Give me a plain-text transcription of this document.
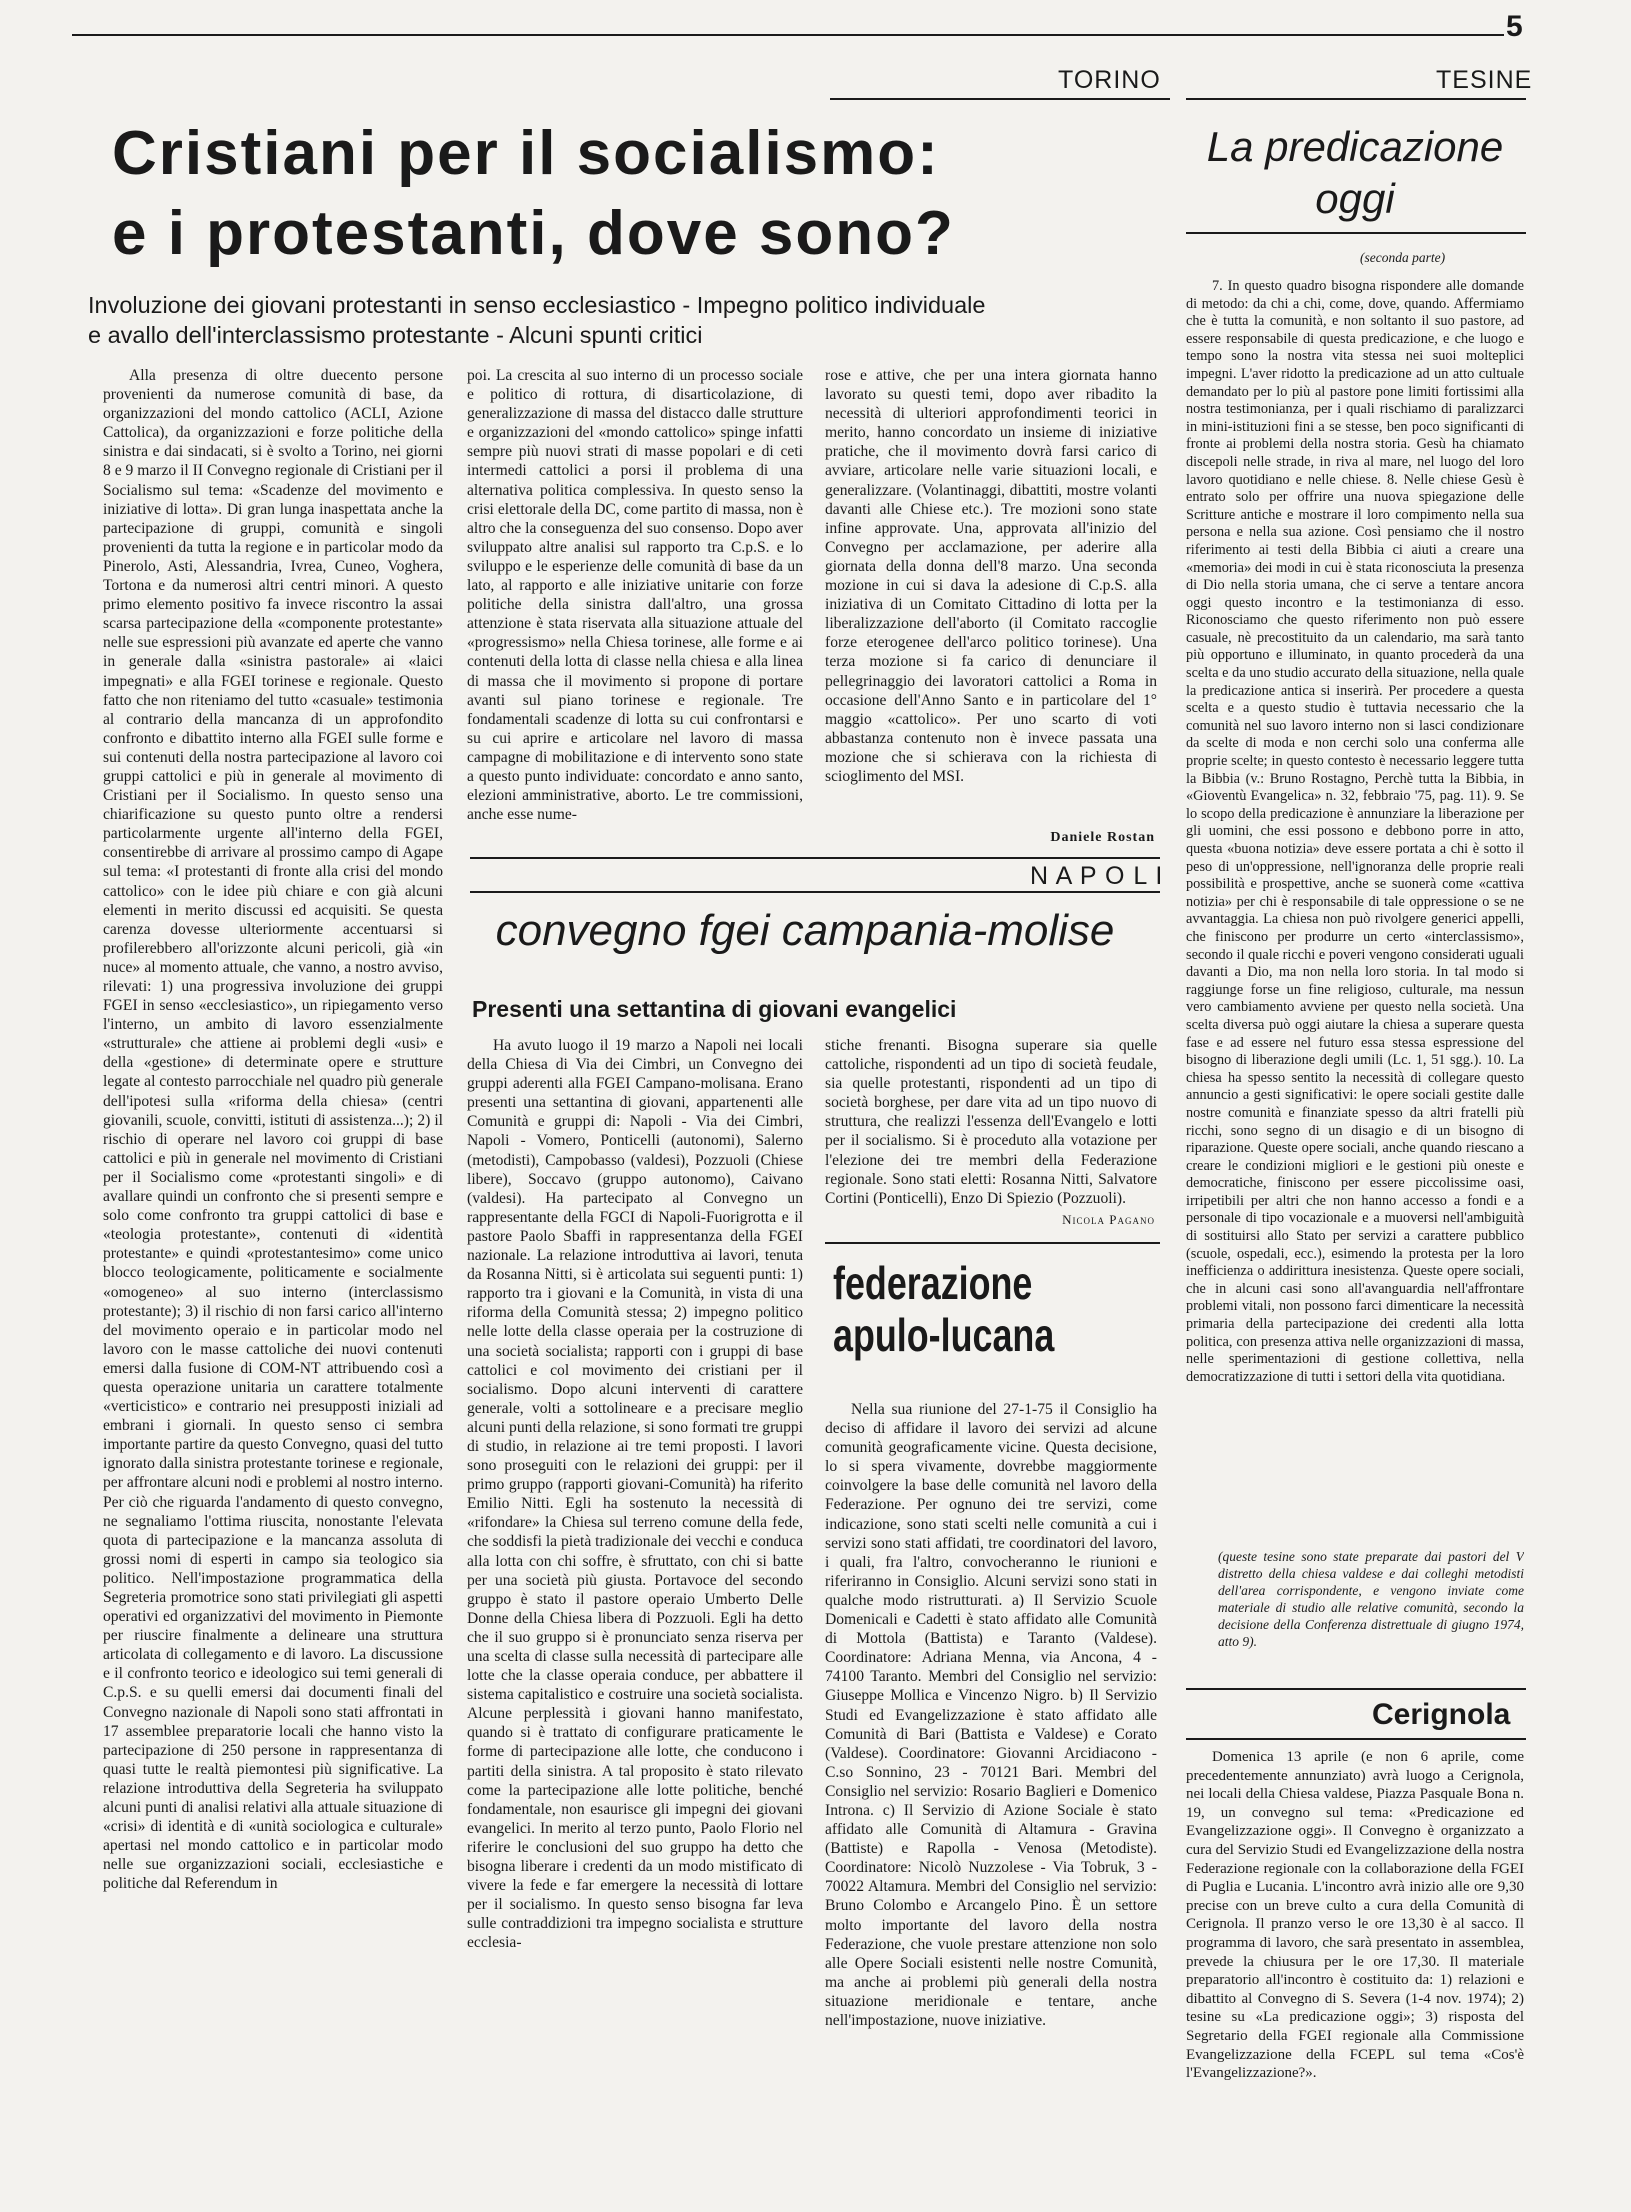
5
TORINO	TESINE
Cristiani per il socialismo:
e i protestanti, dove sono?
Involuzione dei giovani protestanti in senso ecclesiastico - Impegno politico individuale
e avallo dell'interclassismo protestante - Alcuni spunti critici

Alla presenza di oltre duecento persone provenienti da numerose comunità di base, da organizzazioni del mondo cattolico (ACLI, Azione Cattolica), da organizzazioni e forze politiche della sinistra e dai sindacati, si è svolto a Torino, nei giorni 8 e 9 marzo il II Convegno regionale di Cristiani per il Socialismo sul tema: «Scadenze del movimento e iniziative di lotta». Di gran lunga inaspettata anche la partecipazione di gruppi, comunità e singoli provenienti da tutta la regione e in particolar modo da Pinerolo, Asti, Alessandria, Ivrea, Cuneo, Voghera, Tortona e da numerosi altri centri minori. A questo primo elemento positivo fa invece riscontro la assai scarsa partecipazione della «componente protestante» nelle sue espressioni più avanzate ed aperte che vanno in generale dalla «sinistra pastorale» ai «laici impegnati» e alla FGEI torinese e regionale. Questo fatto che non riteniamo del tutto «casuale» testimonia al contrario della mancanza di un approfondito confronto e dibattito interno alla FGEI sulle forme e sui contenuti della nostra partecipazione al lavoro coi gruppi cattolici e più in generale al movimento di Cristiani per il Socialismo. In questo senso una chiarificazione su questo punto oltre a rendersi particolarmente urgente all'interno della FGEI, consentirebbe di arrivare al prossimo campo di Agape sul tema: «I protestanti di fronte alla crisi del mondo cattolico» con le idee più chiare e con già alcuni elementi in merito discussi ed acquisiti. Se questa carenza dovesse ulteriormente accentuarsi si profilerebbero all'orizzonte alcuni pericoli, già «in nuce» al momento attuale, che vanno, a nostro avviso, rilevati: 1) una progressiva involuzione dei gruppi FGEI in senso «ecclesiastico», un ripiegamento verso l'interno, un ambito di lavoro essenzialmente «strutturale» che attiene ai problemi degli «usi» e della «gestione» di determinate opere e strutture legate al contesto parrocchiale nel quadro più generale dell'ipotesi sulla «riforma della chiesa» (centri giovanili, scuole, convitti, istituti di assistenza...); 2) il rischio di operare nel lavoro coi gruppi di base cattolici e più in generale nel movimento di Cristiani per il Socialismo come «protestanti singoli» e di avallare quindi un confronto che si presenti sempre e solo come confronto tra gruppi cattolici di base e «teologia protestante», contenuti di «identità protestante» e quindi «protestantesimo» come unico blocco teologicamente, politicamente e socialmente «omogeneo» al suo interno (interclassismo protestante); 3) il rischio di non farsi carico all'interno del movimento operaio e in particolar modo nel lavoro con le masse cattoliche dei nuovi contenuti emersi dalla fusione di COM-NT attribuendo così a questa operazione unitaria un carattere totalmente «verticistico» e contrario nei presupposti iniziali ad embrani i giornali. In questo senso ci sembra importante partire da questo Convegno, quasi del tutto ignorato dalla sinistra protestante torinese e regionale, per affrontare alcuni nodi e problemi al nostro interno. Per ciò che riguarda l'andamento di questo convegno, ne segnaliamo l'ottima riuscita, nonostante l'elevata quota di partecipazione e la mancanza assoluta di grossi nomi di esperti in campo sia teologico sia politico. Nell'impostazione programmatica della Segreteria promotrice sono stati privilegiati gli aspetti operativi ed organizzativi del movimento in Piemonte per riuscire finalmente a delineare una struttura articolata di collegamento e di lavoro. La discussione e il confronto teorico e ideologico sui temi generali di C.p.S. e su quelli emersi dai documenti finali del Convegno nazionale di Napoli sono stati affrontati in 17 assemblee preparatorie locali che hanno visto la partecipazione di 250 persone in rappresentanza di quasi tutte le realtà piemontesi più significative. La relazione introduttiva della Segreteria ha sviluppato alcuni punti di analisi relativi alla attuale situazione di «crisi» di identità e di «unità sociologica e culturale» apertasi nel mondo cattolico e in particolar modo nelle sue organizzazioni sociali, ecclesiastiche e politiche dal Referendum in

poi. La crescita al suo interno di un processo sociale e politico di rottura, di disarticolazione, di generalizzazione di massa del distacco dalle strutture e organizzazioni del «mondo cattolico» spinge infatti sempre più nuovi strati di masse popolari e di ceti intermedi cattolici a porsi il problema di una alternativa politica complessiva. In questo senso la crisi elettorale della DC, come partito di massa, non è altro che la conseguenza del suo consenso. Dopo aver sviluppato altre analisi sul rapporto tra C.p.S. e lo sviluppo e le esperienze delle comunità di base da un lato, al rapporto e alle iniziative unitarie con forze politiche della sinistra dall'altro, una grossa attenzione è stata riservata alla situazione attuale del «progressismo» nella Chiesa torinese, alle forme e ai contenuti della lotta di classe nella chiesa e alla linea di massa che il movimento si propone di portare avanti sul piano torinese e regionale. Tre fondamentali scadenze di lotta su cui confrontarsi e su cui aprire e articolare nel lavoro di massa campagne di mobilitazione e di intervento sono state a questo punto individuate: concordato e anno santo, elezioni amministrative, aborto. Le tre commissioni, anche esse nume-

rose e attive, che per una intera giornata hanno lavorato su questi temi, dopo aver ribadito la necessità di ulteriori approfondimenti teorici in merito, hanno concordato un insieme di iniziative pratiche, che il movimento dovrà farsi carico di avviare, articolare nelle varie situazioni locali, e generalizzare. (Volantinaggi, dibattiti, mostre volanti davanti alle Chiese etc.). Tre mozioni sono state infine approvate. Una, approvata all'inizio del Convegno per acclamazione, per aderire alla giornata della donna dell'8 marzo. Una seconda mozione in cui si dava la adesione di C.p.S. alla iniziativa di un Comitato Cittadino di lotta per la liberalizzazione dell'aborto (il Comitato raccoglie forze eterogenee dell'arco politico torinese). Una terza mozione si fa carico di denunciare il pellegrinaggio dei lavoratori cattolici a Roma in occasione dell'Anno Santo e in particolare del 1° maggio «cattolico». Per uno scarto di voti abbastanza contenuto non è invece passata una mozione che si schierava con la richiesta di scioglimento del MSI.

Daniele Rostan
N A P O L I
convegno fgei campania-molise
Presenti una settantina di giovani evangelici

Ha avuto luogo il 19 marzo a Napoli nei locali della Chiesa di Via dei Cimbri, un Convegno dei gruppi aderenti alla FGEI Campano-molisana. Erano presenti una settantina di giovani, appartenenti alle Comunità e gruppi di: Napoli - Via dei Cimbri, Napoli - Vomero, Ponticelli (autonomi), Salerno (metodisti), Campobasso (valdesi), Pozzuoli (Chiese libere), Soccavo (gruppo autonomo), Caivano (valdesi). Ha partecipato al Convegno un rappresentante della FGCI di Napoli-Fuorigrotta e il pastore Paolo Sbaffi in rappresentanza della FGEI nazionale. La relazione introduttiva ai lavori, tenuta da Rosanna Nitti, si è articolata sui seguenti punti: 1) rapporto tra i giovani e la Comunità, in vista di una riforma della Comunità stessa; 2) impegno politico nelle lotte della classe operaia per la costruzione di una società socialista; rapporti con i gruppi di base cattolici e col movimento dei cristiani per il socialismo. Dopo alcuni interventi di carattere generale, volti a sottolineare e a precisare meglio alcuni punti della relazione, si sono formati tre gruppi di studio, in relazione ai tre temi proposti. I lavori sono proseguiti con le relazioni dei gruppi: per il primo gruppo (rapporti giovani-Comunità) ha riferito Emilio Nitti. Egli ha sostenuto la necessità di «rifondare» la Chiesa sul terreno comune della fede, che soddisfi la pietà tradizionale dei vecchi e conduca alla lotta con chi soffre, è sfruttato, con chi si batte per una società più giusta. Portavoce del secondo gruppo è stato il pastore operaio Umberto Delle Donne della Chiesa libera di Pozzuoli. Egli ha detto che il suo gruppo si è pronunciato senza riserva per una scelta di classe sulla necessità di partecipare alle lotte che la classe operaia conduce, per abbattere il sistema capitalistico e costruire una società socialista. Alcune perplessità i giovani hanno manifestato, quando si è trattato di configurare praticamente le forme di partecipazione alle lotte, che conducono i partiti della sinistra. A tal proposito è stato rilevato come la partecipazione alle lotte politiche, benché fondamentale, non esaurisce gli impegni dei giovani evangelici. In merito al terzo punto, Paolo Florio nel riferire le conclusioni del suo gruppo ha detto che bisogna liberare i credenti da un modo mistificato di vivere la fede e far emergere la necessità di lottare per il socialismo. In questo senso bisogna far leva sulle contraddizioni tra impegno socialista e strutture ecclesia-

stiche frenanti. Bisogna superare sia quelle cattoliche, rispondenti ad un tipo di società feudale, sia quelle protestanti, rispondenti ad un tipo di società borghese, per dare vita ad un tipo nuovo di struttura, che realizzi l'essenza dell'Evangelo e lotti per il socialismo. Si è proceduto alla votazione per l'elezione dei tre membri della Federazione regionale. Sono stati eletti: Rosanna Nitti, Salvatore Cortini (Ponticelli), Enzo Di Spiezio (Pozzuoli).

Nicola Pagano
federazione
apulo-lucana

Nella sua riunione del 27-1-75 il Consiglio ha deciso di affidare il lavoro dei servizi ad alcune comunità geograficamente vicine. Questa decisione, lo si spera vivamente, dovrebbe maggiormente coinvolgere la base delle comunità nel lavoro della Federazione. Per ognuno dei tre servizi, come indicazione, sono stati scelti nelle comunità a cui i servizi sono stati affidati, tre coordinatori del lavoro, i quali, fra l'altro, convocheranno le riunioni e riferiranno in Consiglio. Alcuni servizi sono stati in qualche modo ristrutturati. a) Il Servizio Scuole Domenicali e Cadetti è stato affidato alle Comunità di Mottola (Battista) e Taranto (Valdese). Coordinatore: Adriana Menna, via Ancona, 4 - 74100 Taranto. Membri del Consiglio nel servizio: Giuseppe Mollica e Vincenzo Nigro. b) Il Servizio Studi ed Evangelizzazione è stato affidato alle Comunità di Bari (Battista e Valdese) e Corato (Valdese). Coordinatore: Giovanni Arcidiacono - C.so Sonnino, 23 - 70121 Bari. Membri del Consiglio nel servizio: Rosario Baglieri e Domenico Introna. c) Il Servizio di Azione Sociale è stato affidato alle Comunità di Altamura - Gravina (Battiste) e Rapolla - Venosa (Metodiste). Coordinatore: Nicolò Nuzzolese - Via Tobruk, 3 - 70022 Altamura. Membri del Consiglio nel servizio: Bruno Colombo e Arcangelo Pino. È un settore molto importante del lavoro della nostra Federazione, che vuole prestare attenzione non solo alle Opere Sociali esistenti nelle nostre Comunità, ma anche ai problemi più generali della nostra situazione meridionale e tentare, anche nell'impostazione, nuove iniziative.

La predicazione
oggi
(seconda parte)

7. In questo quadro bisogna rispondere alle domande di metodo: da chi a chi, come, dove, quando. Affermiamo che è tutta la comunità, e non soltanto il suo pastore, ad essere responsabile di questa predicazione, e che luogo e tempo sono la nostra vita stessa nei suoi molteplici impegni. L'aver ridotto la predicazione ad un atto cultuale demandato per lo più al pastore pone limiti fortissimi alla nostra testimonianza, per i quali rischiamo di paralizzarci in mini-istituzioni fini a se stesse, ben poco significanti di fronte ai problemi della nostra storia. Gesù ha chiamato discepoli nelle strade, in riva al mare, nel luogo del loro lavoro quotidiano e nelle chiese. 8. Nelle chiese Gesù è entrato solo per offrire una nuova spiegazione delle Scritture antiche e mostrare il loro compimento nella sua persona e nella sua azione. Così pensiamo che il nostro riferimento ai testi della Bibbia ci aiuti a creare una «memoria» dei modi in cui è stata riconosciuta la presenza di Dio nella storia umana, che ci serve a tentare ancora oggi questo incontro e la testimonianza di esso. Riconosciamo che questo riferimento non può essere casuale, nè precostituito da un calendario, ma sarà tanto più opportuno e illuminato, in quanto procederà da una scelta e da uno studio accurato della situazione, nella quale la predicazione antica si inserirà. Per procedere a questa scelta e a questo studio è tuttavia necessario che la comunità nel suo lavoro interno non si lasci condizionare da scelte di moda e non cerchi solo una conferma alle proprie scelte; in questo contesto è necessario leggere tutta la Bibbia (v.: Bruno Rostagno, Perchè tutta la Bibbia, in «Gioventù Evangelica» n. 32, febbraio '75, pag. 11). 9. Se lo scopo della predicazione è annunziare la liberazione per gli uomini, che essi possono e debbono porre in atto, questa «buona notizia» deve essere portata a chi è sotto il peso di un'oppressione, nell'ignoranza delle proprie reali possibilità e prospettive, anche se suonerà come «cattiva notizia» per chi è responsabile di tale oppressione o se ne avvantaggia. La chiesa non può rivolgere generici appelli, che finiscono per produrre un certo «interclassismo», secondo il quale ricchi e poveri vengono considerati uguali davanti a Dio, ma non nella loro storia. In tal modo si raggiunge forse un fine religioso, culturale, ma nessun vero cambiamento avviene per questo nella società. Una scelta diversa può oggi aiutare la chiesa a superare questa fase e ad essere nel futuro essa stessa espressione del bisogno di liberazione degli umili (Lc. 1, 51 sgg.). 10. La chiesa ha spesso sentito la necessità di collegare questo annuncio a gesti significativi: le opere sociali gestite dalle nostre comunità e finanziate spesso da altri fratelli più ricchi, sono segno di un disagio e di un bisogno di riparazione. Queste opere sociali, anche quando riescano a creare le condizioni migliori e le gestioni più oneste e democratiche, finiscono per essere piccolissime oasi, irripetibili per altri che non hanno accesso a fondi e a personale di tipo vocazionale e a muoversi nell'ambiguità di sostituirsi allo Stato per servizi a carattere pubblico (scuole, ospedali, ecc.), esimendo la protesta per la loro inefficienza o addirittura inesistenza. Queste opere sociali, che in alcuni casi sono all'avanguardia nell'affrontare problemi vitali, non possono farci dimenticare la necessità primaria della partecipazione dei credenti alla lotta politica, con presenza attiva nelle organizzazioni di massa, nelle sperimentazioni di gestione collettiva, nella democratizzazione di tutti i settori della vita quotidiana.

(queste tesine sono state preparate dai pastori del V distretto della chiesa valdese e dai colleghi metodisti dell'area corrispondente, e vengono inviate come materiale di studio alle relative comunità, secondo la decisione della Conferenza distrettuale di giugno 1974, atto 9).

Cerignola

Domenica 13 aprile (e non 6 aprile, come precedentemente annunziato) avrà luogo a Cerignola, nei locali della Chiesa valdese, Piazza Pasquale Bona n. 19, un convegno sul tema: «Predicazione ed Evangelizzazione oggi». Il Convegno è organizzato a cura del Servizio Studi ed Evangelizzazione della nostra Federazione regionale con la collaborazione della FGEI di Puglia e Lucania. L'incontro avrà inizio alle ore 9,30 precise con un breve culto a cura della Comunità di Cerignola. Il pranzo verso le ore 13,30 è al sacco. Il programma di lavoro, che sarà presentato in assemblea, prevede la chiusura per le ore 17,30. Il materiale preparatorio all'incontro è costituito da: 1) relazioni e dibattito al Convegno di S. Severa (1-4 nov. 1974); 2) tesine su «La predicazione oggi»; 3) risposta del Segretario della FGEI regionale alla Commissione Evangelizzazione della FCEPL sul tema «Cos'è l'Evangelizzazione?».
